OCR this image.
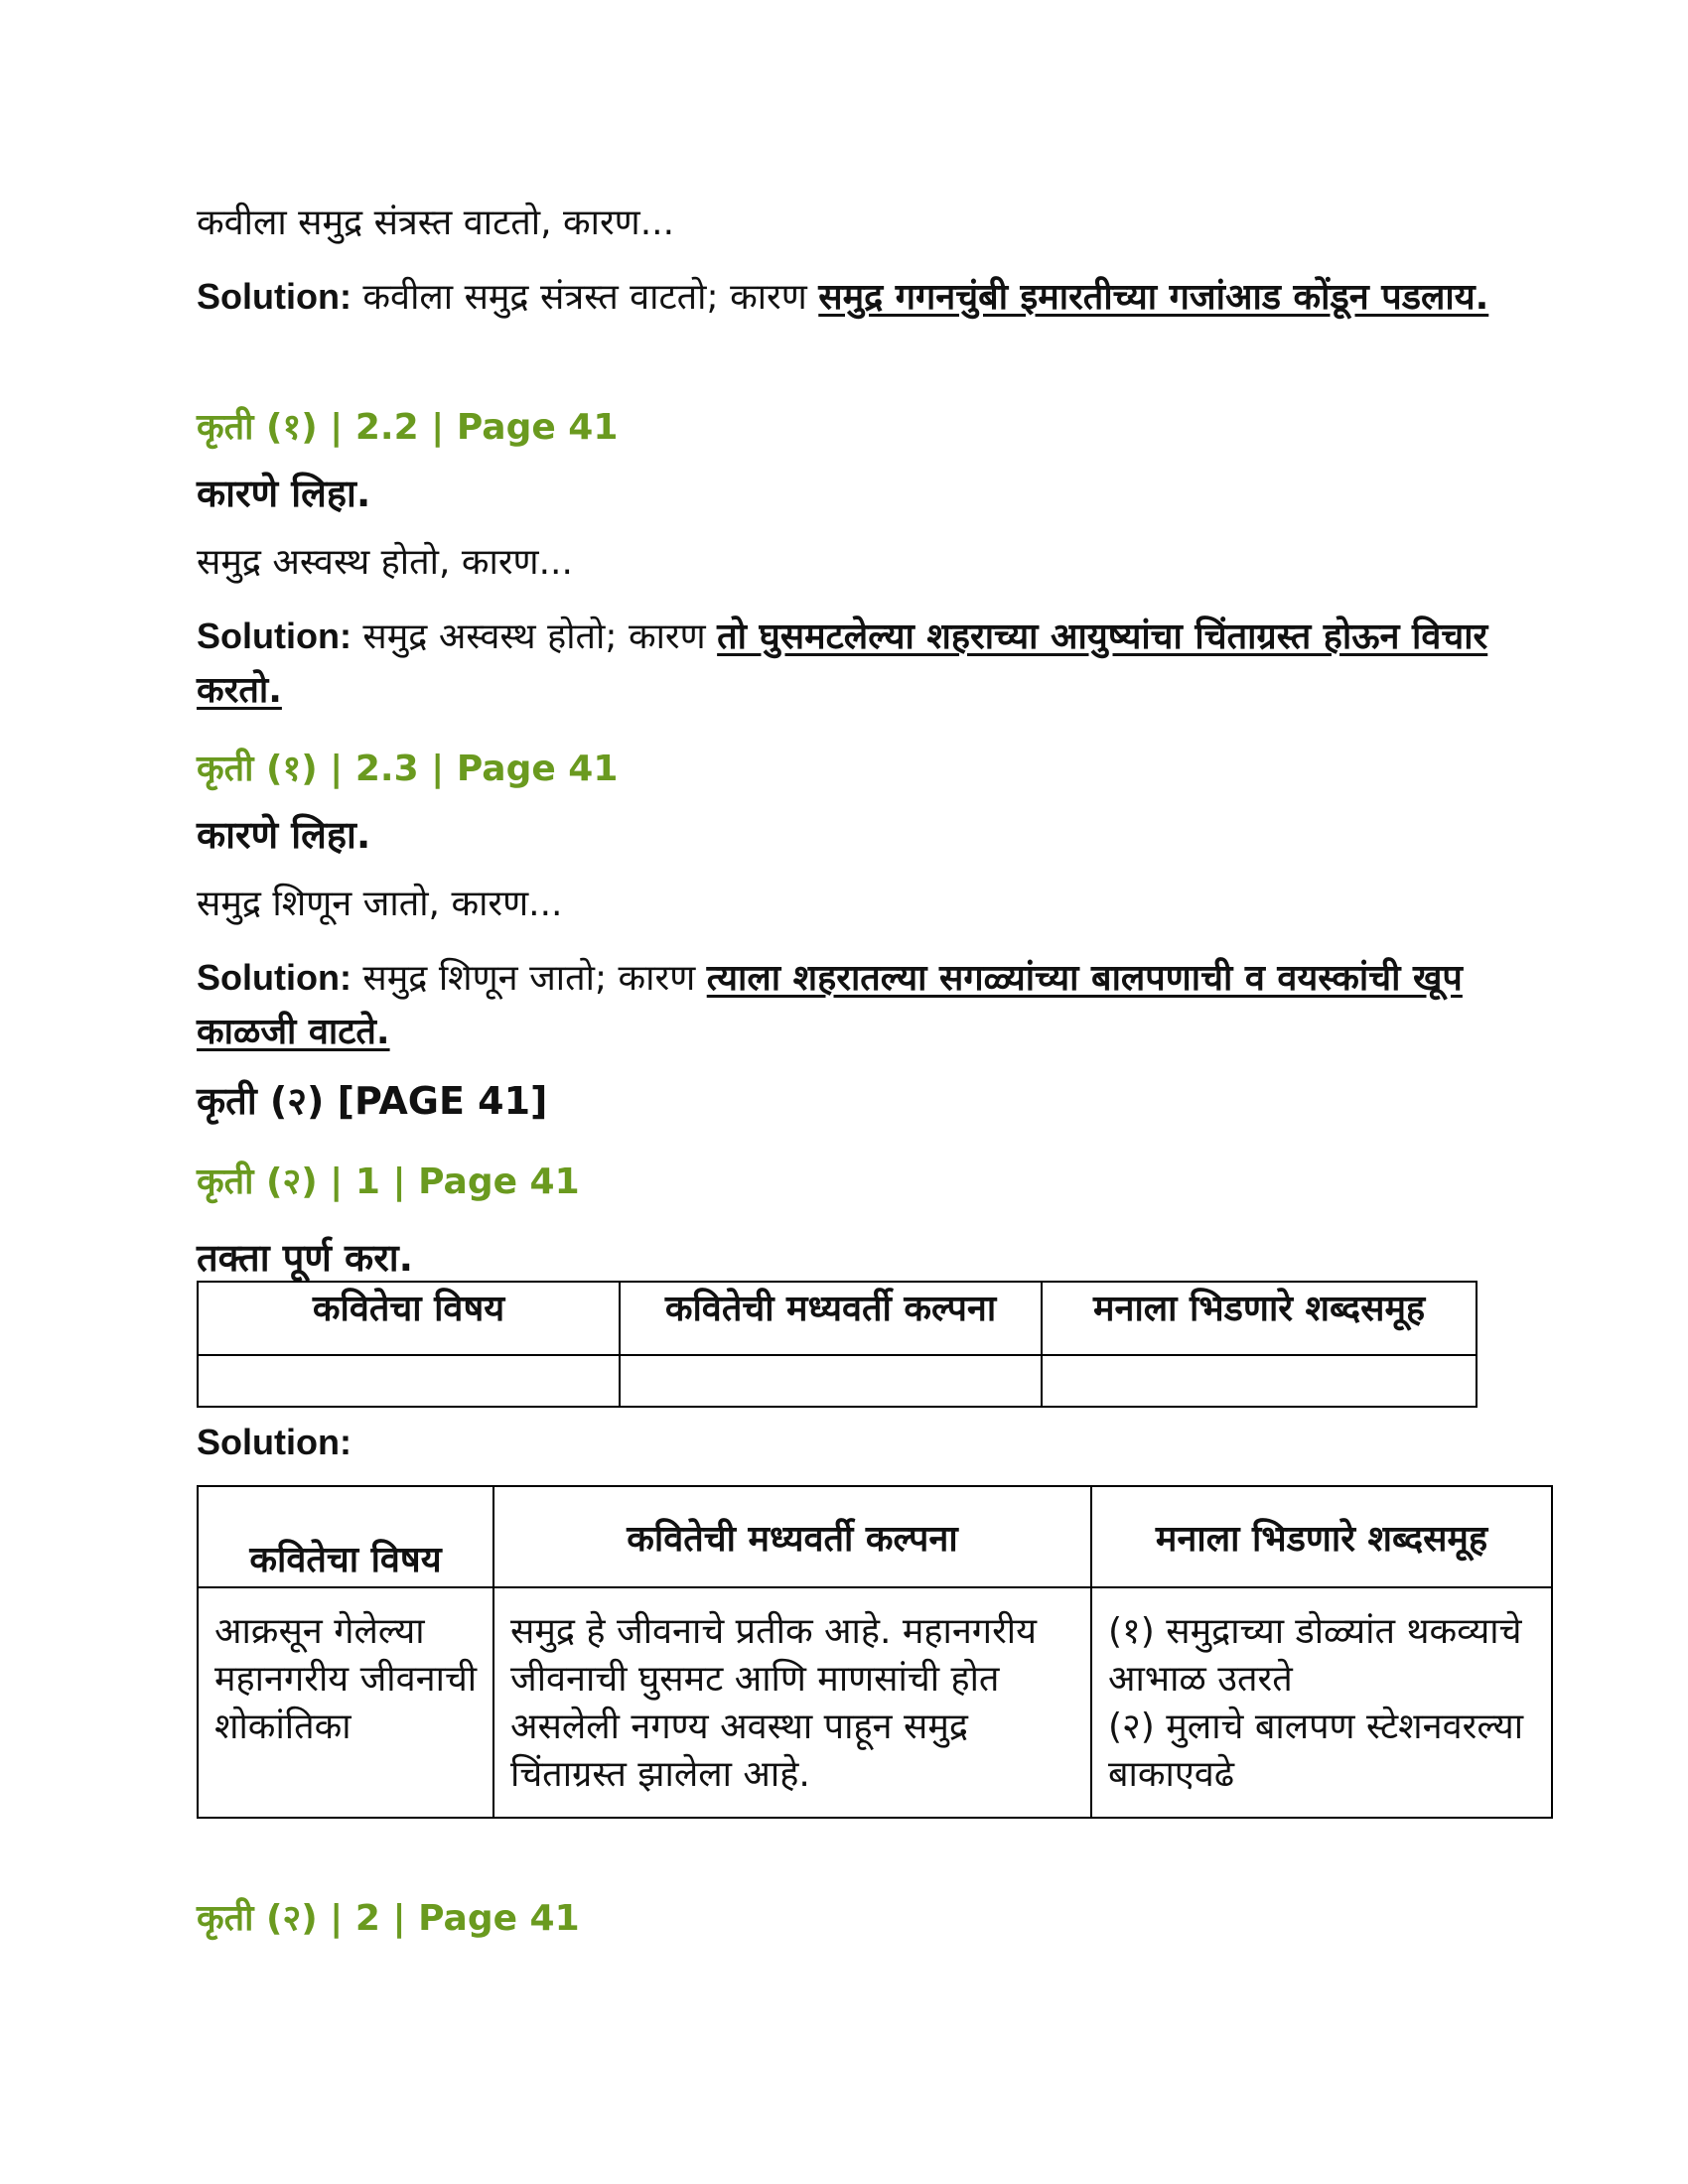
कवीला समुद्र संत्रस्त वाटतो, कारण...
Solution: कवीला समुद्र संत्रस्त वाटतो; कारण समुद्र गगनचुंबी इमारतीच्या गजांआड कोंडून पडलाय.
कृती (१) | 2.2 | Page 41
कारणे लिहा.
समुद्र अस्वस्थ होतो, कारण...
Solution: समुद्र अस्वस्थ होतो; कारण तो घुसमटलेल्या शहराच्या आयुष्यांचा चिंताग्रस्त होऊन विचार करतो.
कृती (१) | 2.3 | Page 41
कारणे लिहा.
समुद्र शिणून जातो, कारण...
Solution: समुद्र शिणून जातो; कारण त्याला शहरातल्या सगळ्यांच्या बालपणाची व वयस्कांची खूप काळजी वाटते.
कृती (२) [PAGE 41]
कृती (२) | 1 | Page 41
तक्ता पूर्ण करा.
कवितेचा विषय	कवितेची मध्यवर्ती कल्पना	मनाला भिडणारे शब्दसमूह

Solution:
कवितेचा विषय	कवितेची मध्यवर्ती कल्पना	मनाला भिडणारे शब्दसमूह
आक्रसून गेलेल्या महानगरीय जीवनाची शोकांतिका	समुद्र हे जीवनाचे प्रतीक आहे. महानगरीय जीवनाची घुसमट आणि माणसांची होत असलेली नगण्य अवस्था पाहून समुद्र चिंताग्रस्त झालेला आहे.	(१) समुद्राच्या डोळ्यांत थकव्याचे आभाळ उतरते
(२) मुलाचे बालपण स्टेशनवरल्या बाकाएवढे
कृती (२) | 2 | Page 41
